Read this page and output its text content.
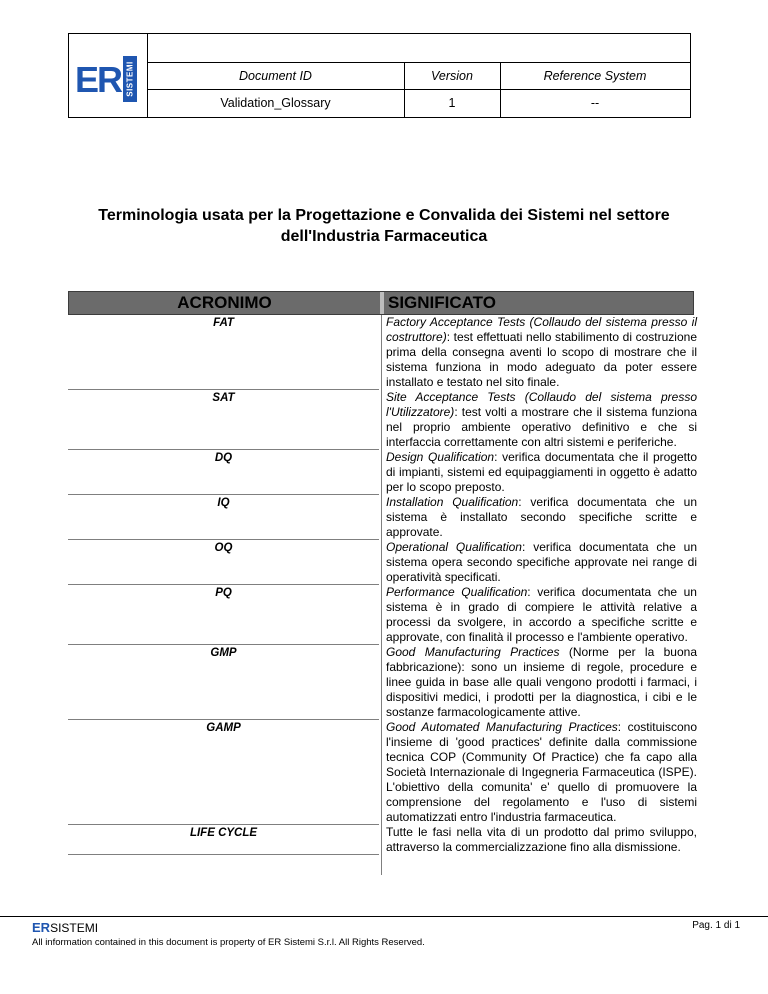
ER SISTEMI	Document ID	Version	Reference System
Validation_Glossary	1	--
Terminologia usata per la Progettazione e Convalida dei Sistemi nel settore dell'Industria Farmaceutica
ACRONIMO	SIGNIFICATO
FAT	Factory Acceptance Tests (Collaudo del sistema presso il costruttore): test effettuati nello stabilimento di costruzione prima della consegna aventi lo scopo di mostrare che il sistema funziona in modo adeguato da poter essere installato e testato nel sito finale.
SAT	Site Acceptance Tests (Collaudo del sistema presso l'Utilizzatore): test volti a mostrare che il sistema funziona nel proprio ambiente operativo definitivo e che si interfaccia correttamente con altri sistemi e periferiche.
DQ	Design Qualification: verifica documentata che il progetto di impianti, sistemi ed equipaggiamenti in oggetto è adatto per lo scopo preposto.
IQ	Installation Qualification: verifica documentata che un sistema è installato secondo specifiche scritte e approvate.
OQ	Operational Qualification: verifica documentata che un sistema opera secondo specifiche approvate nei range di operatività specificati.
PQ	Performance Qualification: verifica documentata che un sistema è in grado di compiere le attività relative a processi da svolgere, in accordo a specifiche scritte e approvate, con finalità il processo e l'ambiente operativo.
GMP	Good Manufacturing Practices (Norme per la buona fabbricazione): sono un insieme di regole, procedure e linee guida in base alle quali vengono prodotti i farmaci, i dispositivi medici, i prodotti per la diagnostica, i cibi e le sostanze farmacologicamente attive.
GAMP	Good Automated Manufacturing Practices: costituiscono l'insieme di 'good practices' definite dalla commissione tecnica COP (Community Of Practice) che fa capo alla Società Internazionale di Ingegneria Farmaceutica (ISPE). L'obiettivo della comunita' e' quello di promuovere la comprensione del regolamento e l'uso di sistemi automatizzati entro l'industria farmaceutica.
LIFE CYCLE	Tutte le fasi nella vita di un prodotto dal primo sviluppo, attraverso la commercializzazione fino alla dismissione.
ERSISTEMI	Pag. 1 di 1
All information contained in this document is property of ER Sistemi S.r.l. All Rights Reserved.
